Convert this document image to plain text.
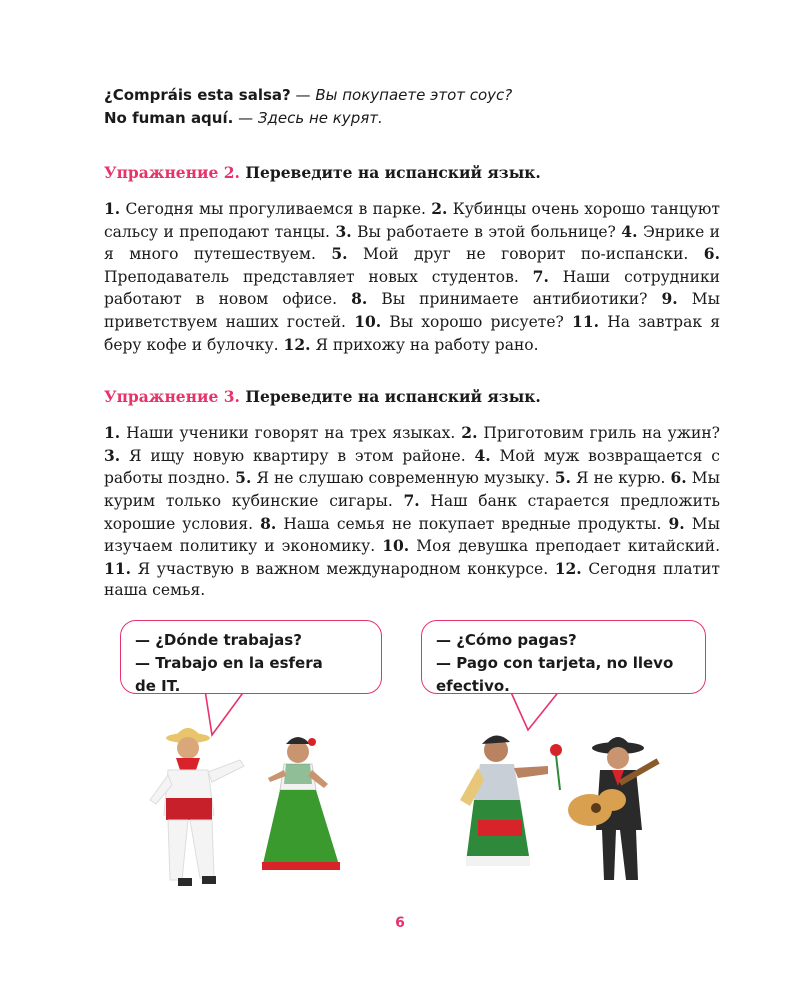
¿Compráis esta salsa? — Вы покупаете этот соус?
No fuman aquí. — Здесь не курят.
Упражнение 2. Переведите на испанский язык.
1. Сегодня мы прогуливаемся в парке. 2. Кубинцы очень хорошо танцуют сальсу и преподают танцы. 3. Вы работаете в этой больнице? 4. Энрике и я много путешествуем. 5. Мой друг не говорит по-испански. 6. Преподаватель представляет новых студентов. 7. Наши сотрудники работают в новом офисе. 8. Вы принимаете антибиотики? 9. Мы приветствуем наших гостей. 10. Вы хорошо рисуете? 11. На завтрак я беру кофе и булочку. 12. Я прихожу на работу рано.
Упражнение 3. Переведите на испанский язык.
1. Наши ученики говорят на трех языках. 2. Приготовим гриль на ужин? 3. Я ищу новую квартиру в этом районе. 4. Мой муж возвращается с работы поздно. 5. Я не слушаю современную музыку. 5. Я не курю. 6. Мы курим только кубинские сигары. 7. Наш банк старается предложить хорошие условия. 8. Наша семья не покупает вредные продукты. 9. Мы изучаем политику и экономику. 10. Моя девушка преподает китайский. 11. Я участвую в важном международном конкурсе. 12. Сегодня платит наша семья.
— ¿Dónde trabajas?
— Trabajo en la esfera
de IT.
— ¿Cómo pagas?
— Pago con tarjeta, no llevo
efectivo.
6
